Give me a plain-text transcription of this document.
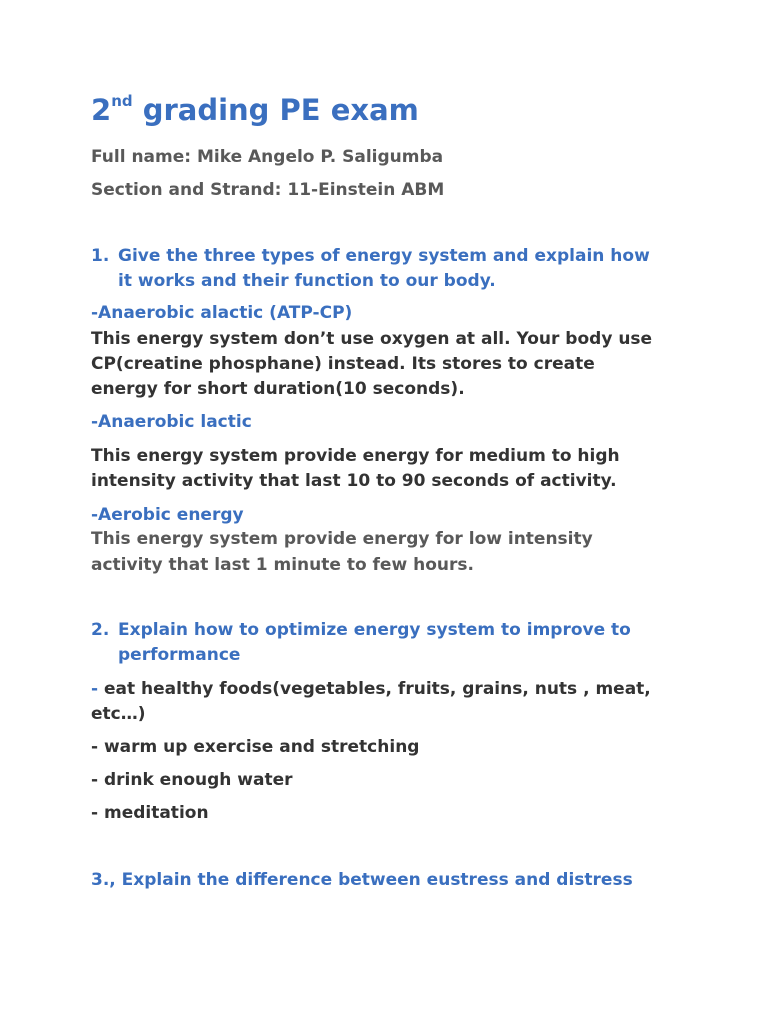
2nd grading PE exam
Full name: Mike Angelo P. Saligumba
Section and Strand: 11-Einstein ABM
1. Give the three types of energy system and explain how
it works and their function to our body.
-Anaerobic alactic (ATP-CP)
This energy system don’t use oxygen at all. Your body use
CP(creatine phosphane) instead. Its stores to create
energy for short duration(10 seconds).
-Anaerobic lactic
This energy system provide energy for medium to high
intensity activity that last 10 to 90 seconds of activity.
-Aerobic energy
This energy system provide energy for low intensity
activity that last 1 minute to few hours.
2. Explain how to optimize energy system to improve to
performance
- eat healthy foods(vegetables, fruits, grains, nuts , meat,
etc…)
- warm up exercise and stretching
- drink enough water
- meditation
3., Explain the difference between eustress and distress
